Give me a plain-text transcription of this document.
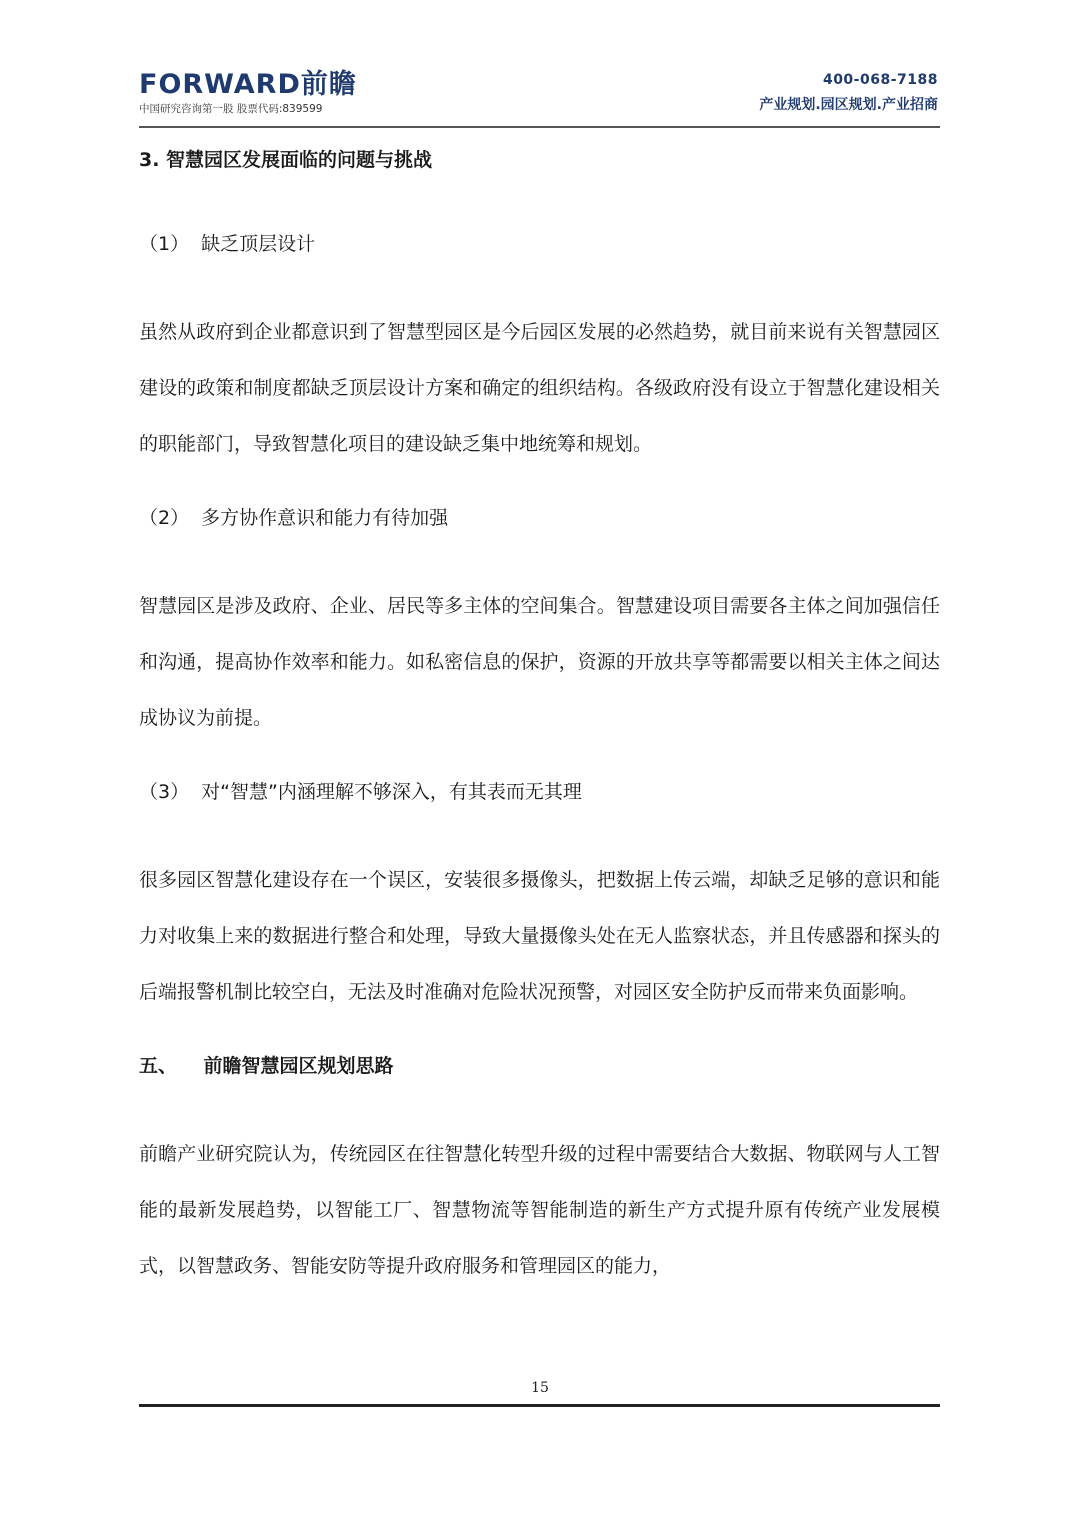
FORWARD前瞻
中国研究咨询第一股 股票代码:839599
400-068-7188
产业规划.园区规划.产业招商
3. 智慧园区发展面临的问题与挑战

（1）  缺乏顶层设计

虽然从政府到企业都意识到了智慧型园区是今后园区发展的必然趋势，就目前来说有关智慧园区建设的政策和制度都缺乏顶层设计方案和确定的组织结构。各级政府没有设立于智慧化建设相关的职能部门，导致智慧化项目的建设缺乏集中地统筹和规划。

（2）  多方协作意识和能力有待加强

智慧园区是涉及政府、企业、居民等多主体的空间集合。智慧建设项目需要各主体之间加强信任和沟通，提高协作效率和能力。如私密信息的保护，资源的开放共享等都需要以相关主体之间达成协议为前提。

（3）  对“智慧”内涵理解不够深入，有其表而无其理

很多园区智慧化建设存在一个误区，安装很多摄像头，把数据上传云端，却缺乏足够的意识和能力对收集上来的数据进行整合和处理，导致大量摄像头处在无人监察状态，并且传感器和探头的后端报警机制比较空白，无法及时准确对危险状况预警，对园区安全防护反而带来负面影响。

五、    前瞻智慧园区规划思路

前瞻产业研究院认为，传统园区在往智慧化转型升级的过程中需要结合大数据、物联网与人工智能的最新发展趋势，以智能工厂、智慧物流等智能制造的新生产方式提升原有传统产业发展模式，以智慧政务、智能安防等提升政府服务和管理园区的能力，

15
